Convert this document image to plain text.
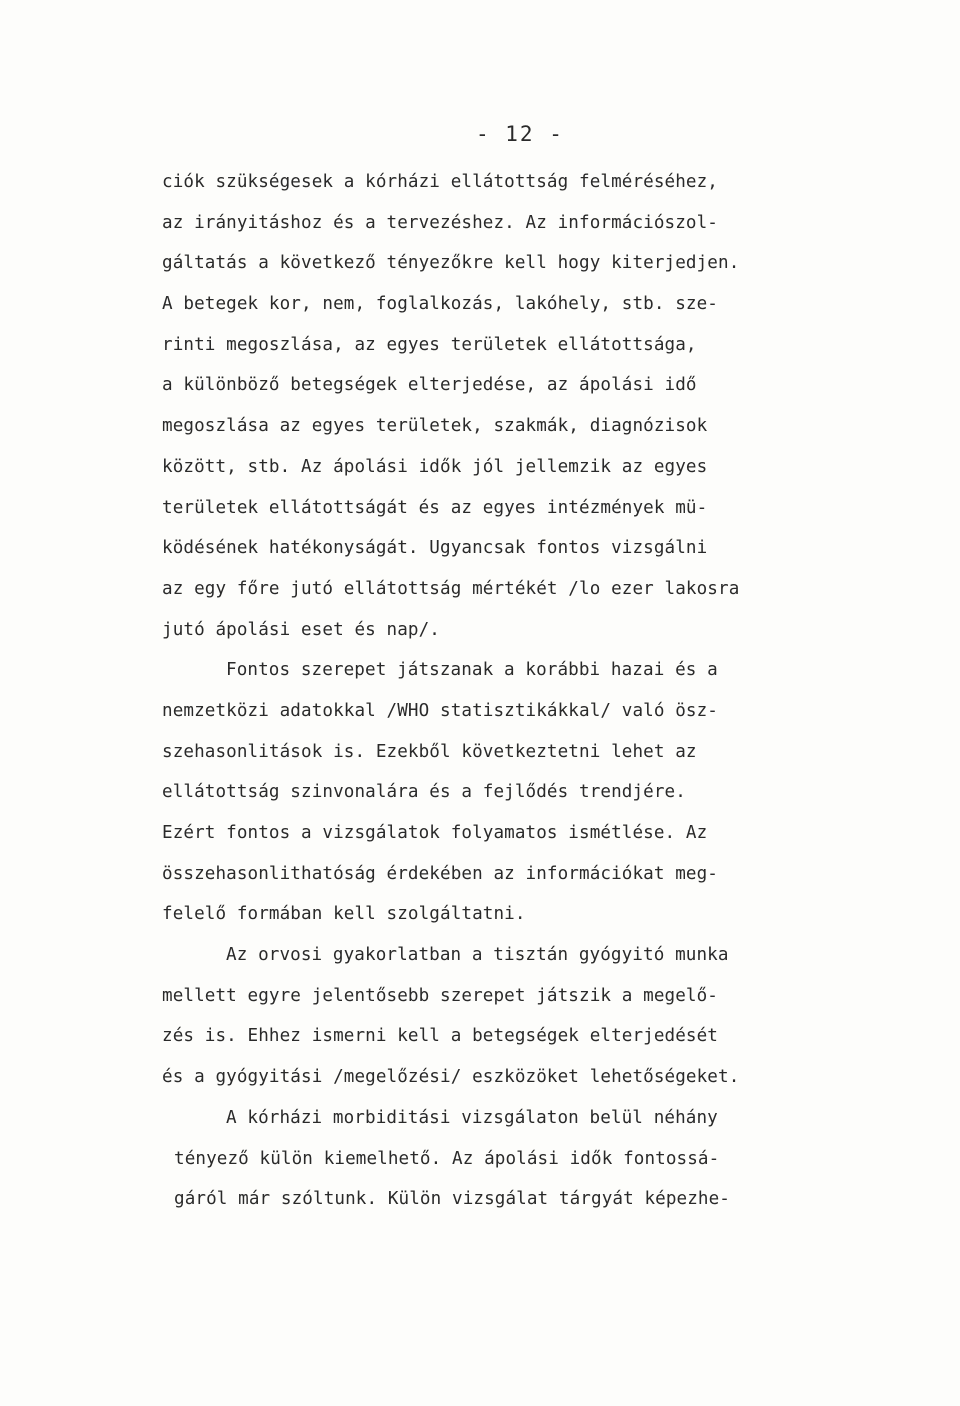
- 12 -
ciók szükségesek a kórházi ellátottság felméréséhez,
az irányitáshoz és a tervezéshez. Az információszol-
gáltatás a következő tényezőkre kell hogy kiterjedjen.
A betegek kor, nem, foglalkozás, lakóhely, stb. sze-
rinti megoszlása, az egyes területek ellátottsága,
a különböző betegségek elterjedése, az ápolási idő
megoszlása az egyes területek, szakmák, diagnózisok
között, stb. Az ápolási idők jól jellemzik az egyes
területek ellátottságát és az egyes intézmények mü-
ködésének hatékonyságát. Ugyancsak fontos vizsgálni
az egy főre jutó ellátottság mértékét /lo ezer lakosra
jutó ápolási eset és nap/.
Fontos szerepet játszanak a korábbi hazai és a
nemzetközi adatokkal /WHO statisztikákkal/ való ösz-
szehasonlitások is. Ezekből következtetni lehet az
ellátottság szinvonalára és a fejlődés trendjére.
Ezért fontos a vizsgálatok folyamatos ismétlése. Az
összehasonlithatóság érdekében az információkat meg-
felelő formában kell szolgáltatni.
Az orvosi gyakorlatban a tisztán gyógyitó munka
mellett egyre jelentősebb szerepet játszik a megelő-
zés is. Ehhez ismerni kell a betegségek elterjedését
és a gyógyitási /megelőzési/ eszközöket lehetőségeket.
A kórházi morbiditási vizsgálaton belül néhány
tényező külön kiemelhető. Az ápolási idők fontossá-
gáról már szóltunk. Külön vizsgálat tárgyát képezhe-
